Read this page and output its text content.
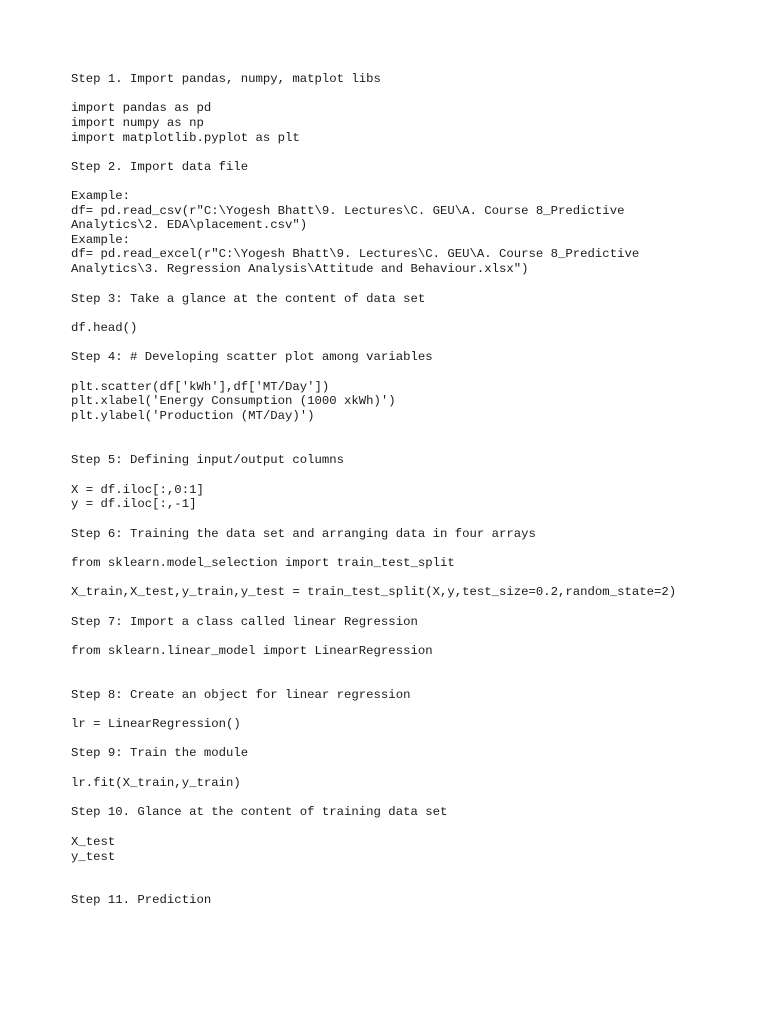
Step 1. Import pandas, numpy, matplot libs

import pandas as pd

import numpy as np

import matplotlib.pyplot as plt

Step 2. Import data file

Example:

df= pd.read_csv(r"C:\Yogesh Bhatt\9. Lectures\C. GEU\A. Course 8_Predictive

Analytics\2. EDA\placement.csv")

Example:

df= pd.read_excel(r"C:\Yogesh Bhatt\9. Lectures\C. GEU\A. Course 8_Predictive

Analytics\3. Regression Analysis\Attitude and Behaviour.xlsx")

Step 3: Take a glance at the content of data set

df.head()

Step 4: # Developing scatter plot among variables

plt.scatter(df['kWh'],df['MT/Day'])

plt.xlabel('Energy Consumption (1000 xkWh)')

plt.ylabel('Production (MT/Day)')

Step 5: Defining input/output columns

X = df.iloc[:,0:1]

y = df.iloc[:,-1]

Step 6: Training the data set and arranging data in four arrays

from sklearn.model_selection import train_test_split

X_train,X_test,y_train,y_test = train_test_split(X,y,test_size=0.2,random_state=2)

Step 7: Import a class called linear Regression

from sklearn.linear_model import LinearRegression

Step 8: Create an object for linear regression

lr = LinearRegression()

Step 9: Train the module

lr.fit(X_train,y_train)

Step 10. Glance at the content of training data set

X_test

y_test

Step 11. Prediction
